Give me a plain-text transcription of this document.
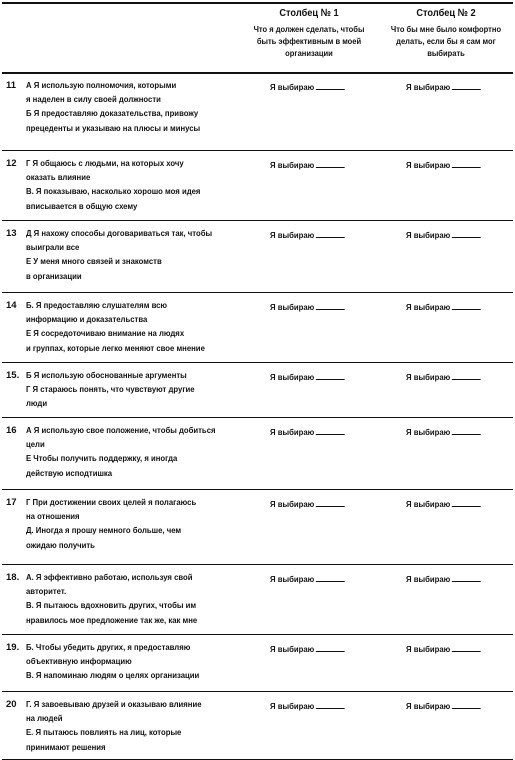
Столбец № 1
Что я должен сделать, чтобы быть эффективным в моей организации
Столбец № 2
Что бы мне было комфортно делать, если бы я сам мог выбирать
11 А Я использую полномочия, которыми
я наделен в силу своей должности
Б Я предоставляю доказательства, привожу
прецеденты и указываю на плюсы и минусы
Я выбираю	Я выбираю
12 Г Я общаюсь с людьми, на которых хочу
оказать влияние
В. Я показываю, насколько хорошо моя идея
вписывается в общую схему
Я выбираю	Я выбираю
13 Д Я нахожу способы договариваться так, чтобы
выиграли все
Е У меня много связей и знакомств
в организации
Я выбираю	Я выбираю
14 Б. Я предоставляю слушателям всю
информацию и доказательства
Е Я сосредоточиваю внимание на людях
и группах, которые легко меняют свое мнение
Я выбираю	Я выбираю
15. Б Я использую обоснованные аргументы
Г Я стараюсь понять, что чувствуют другие
люди
Я выбираю	Я выбираю
16 А Я использую свое положение, чтобы добиться
цели
Е Чтобы получить поддержку, я иногда
действую исподтишка
Я выбираю	Я выбираю
17 Г При достижении своих целей я полагаюсь
на отношения
Д. Иногда я прошу немного больше, чем
ожидаю получить
Я выбираю	Я выбираю
18. А. Я эффективно работаю, используя свой
авторитет.
В. Я пытаюсь вдохновить других, чтобы им
нравилось мое предложение так же, как мне
Я выбираю	Я выбираю
19. Б. Чтобы убедить других, я предоставляю
объективную информацию
В. Я напоминаю людям о целях организации
Я выбираю	Я выбираю
20 Г. Я завоевываю друзей и оказываю влияние
на людей
Е. Я пытаюсь повлиять на лиц, которые
принимают решения
Я выбираю	Я выбираю
